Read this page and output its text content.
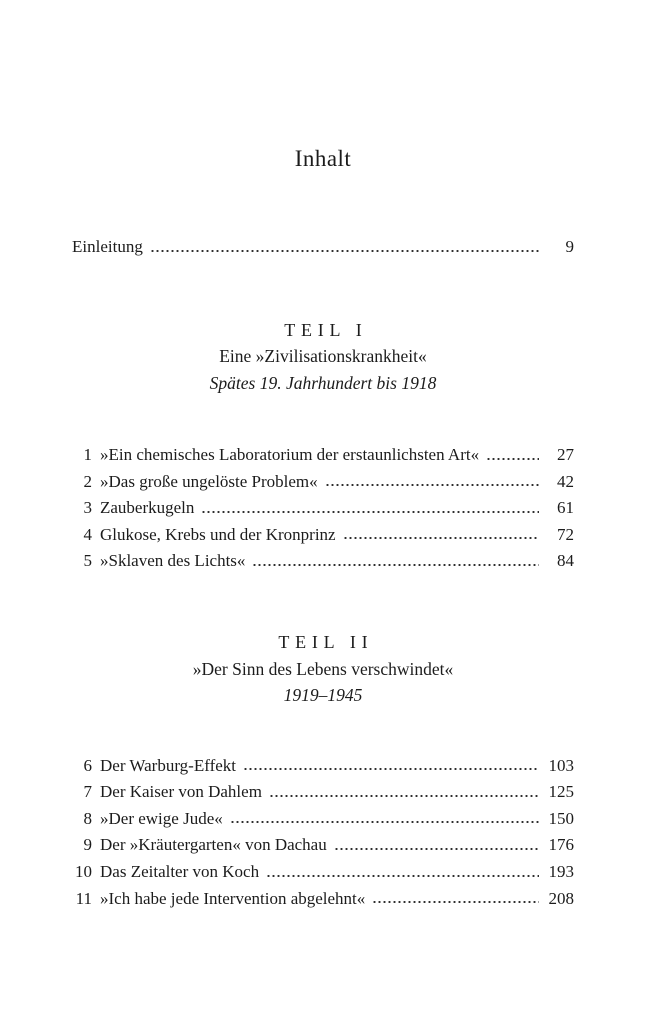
Inhalt
Einleitung	9
TEIL I
Eine »Zivilisationskrankheit«
Spätes 19. Jahrhundert bis 1918
1 »Ein chemisches Laboratorium der erstaunlichsten Art«	27
2 »Das große ungelöste Problem«	42
3 Zauberkugeln	61
4 Glukose, Krebs und der Kronprinz	72
5 »Sklaven des Lichts«	84
TEIL II
»Der Sinn des Lebens verschwindet«
1919–1945
6 Der Warburg-Effekt	103
7 Der Kaiser von Dahlem	125
8 »Der ewige Jude«	150
9 Der »Kräutergarten« von Dachau	176
10 Das Zeitalter von Koch	193
11 »Ich habe jede Intervention abgelehnt«	208
